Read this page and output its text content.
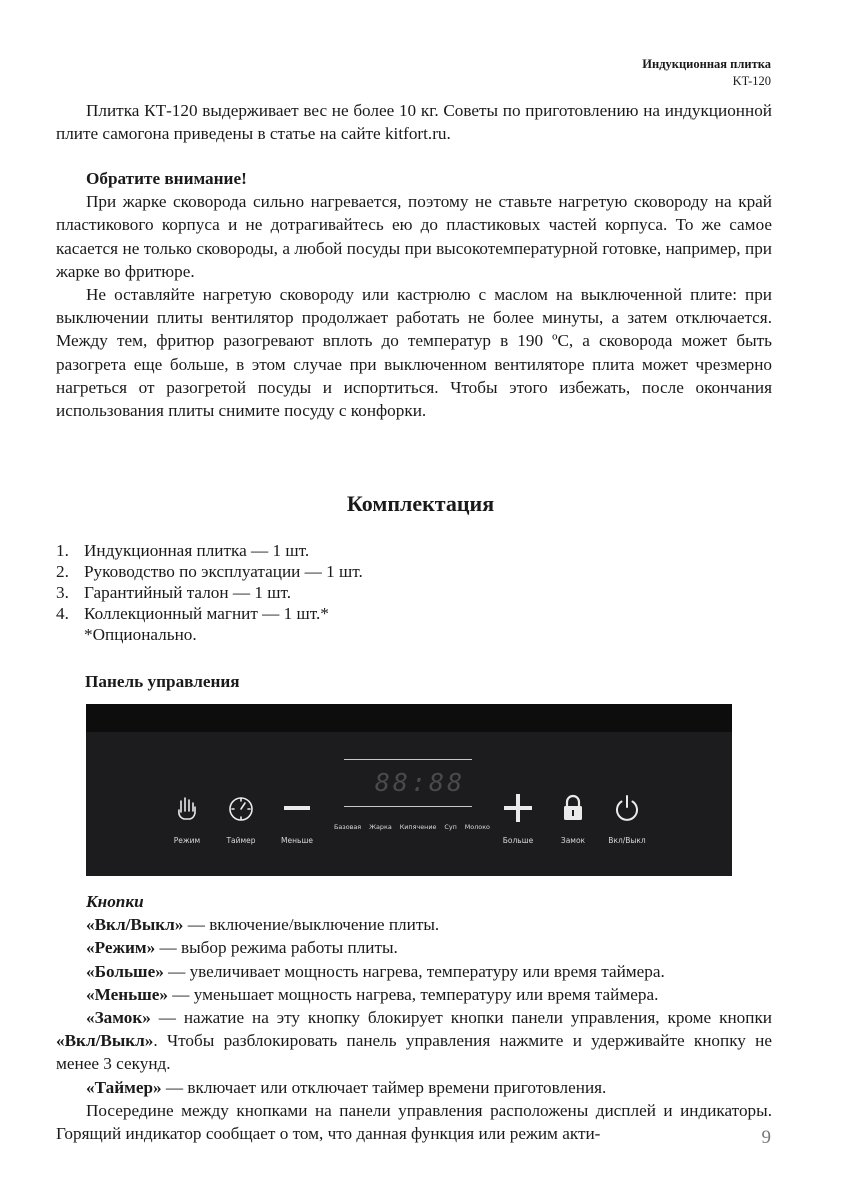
Индукционная плитка
KT-120

Плитка КТ-120 выдерживает вес не более 10 кг. Советы по приготовлению на индукционной плите самогона приведены в статье на сайте kitfort.ru.

Обратите внимание!

При жарке сковорода сильно нагревается, поэтому не ставьте нагретую сковороду на край пластикового корпуса и не дотрагивайтесь ею до пластиковых частей корпуса. То же самое касается не только сковороды, а любой посуды при высокотемпературной готовке, например, при жарке во фритюре.

Не оставляйте нагретую сковороду или кастрюлю с маслом на выключенной плите: при выключении плиты вентилятор продолжает работать не более минуты, а затем отключается. Между тем, фритюр разогревают вплоть до температур в 190 ºC, а сковорода может быть разогрета еще больше, в этом случае при выключенном вентиляторе плита может чрезмерно нагреться от разогретой посуды и испортиться. Чтобы этого избежать, после окончания использования плиты снимите посуду с конфорки.

Комплектация
1. Индукционная плитка — 1 шт.
2. Руководство по эксплуатации — 1 шт.
3. Гарантийный талон — 1 шт.
4. Коллекционный магнит — 1 шт.*
*Опционально.
Панель управления
88:88
Режим	Таймер	Меньше
Базовая Жарка Кипячение Суп Молоко
Больше	Замок	Вкл/Выкл

Кнопки

«Вкл/Выкл» — включение/выключение плиты.

«Режим» — выбор режима работы плиты.

«Больше» — увеличивает мощность нагрева, температуру или время таймера.

«Меньше» — уменьшает мощность нагрева, температуру или время таймера.

«Замок» — нажатие на эту кнопку блокирует кнопки панели управления, кроме кнопки «Вкл/Выкл». Чтобы разблокировать панель управления нажмите и удерживайте кнопку не менее 3 секунд.

«Таймер» — включает или отключает таймер времени приготовления.

Посередине между кнопками на панели управления расположены дисплей и индикаторы. Горящий индикатор сообщает о том, что данная функция или режим акти-	9
